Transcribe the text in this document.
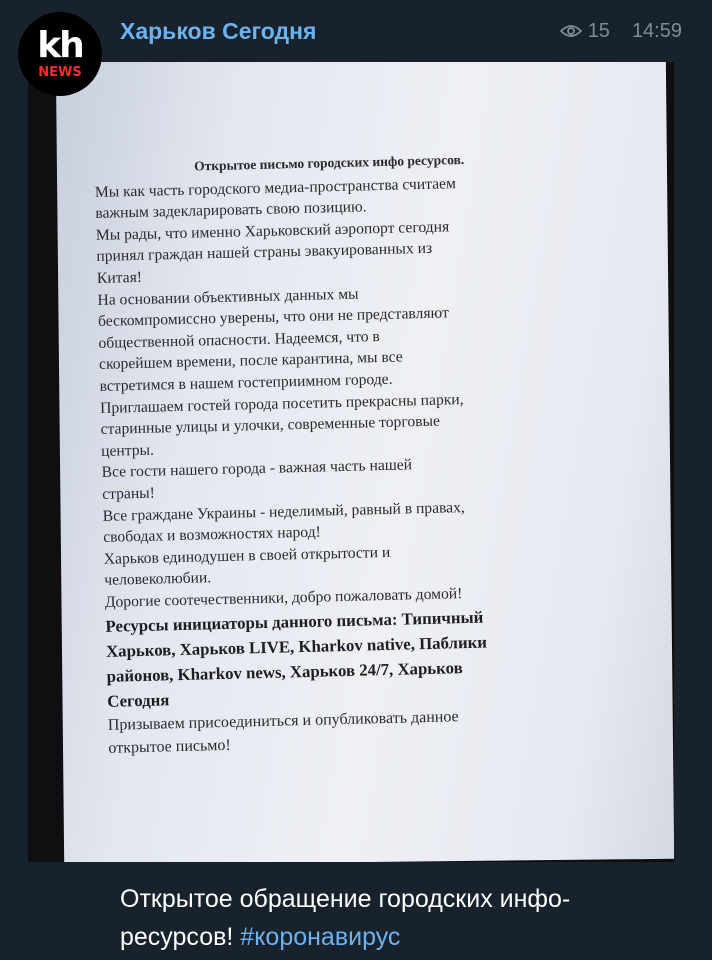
kh
NEWS
Харьков Сегодня	15 14:59

Открытое письмо городских инфо ресурсов.

Мы как часть городского медиа-пространства считаем
важным задекларировать свою позицию.
Мы рады, что именно Харьковский аэропорт сегодня
принял граждан нашей страны эвакуированных из
Китая!
На основании объективных данных мы
бескомпромиссно уверены, что они не представляют
общественной опасности. Надеемся, что в
скорейшем времени, после карантина, мы все
встретимся в нашем гостеприимном городе.
Приглашаем гостей города посетить прекрасны парки,
старинные улицы и улочки, современные торговые
центры.
Все гости нашего города - важная часть нашей
страны!
Все граждане Украины - неделимый, равный в правах,
свободах и возможностях народ!
Харьков единодушен в своей открытости и
человеколюбии.
Дорогие соотечественники, добро пожаловать домой!

Ресурсы инициаторы данного письма: Типичный
Харьков, Харьков LIVE, Kharkov native, Паблики
районов, Kharkov news, Харьков 24/7, Харьков
Сегодня

Призываем присоединиться и опубликовать данное
открытое письмо!

Открытое обращение городских инфо-ресурсов! #коронавирус
